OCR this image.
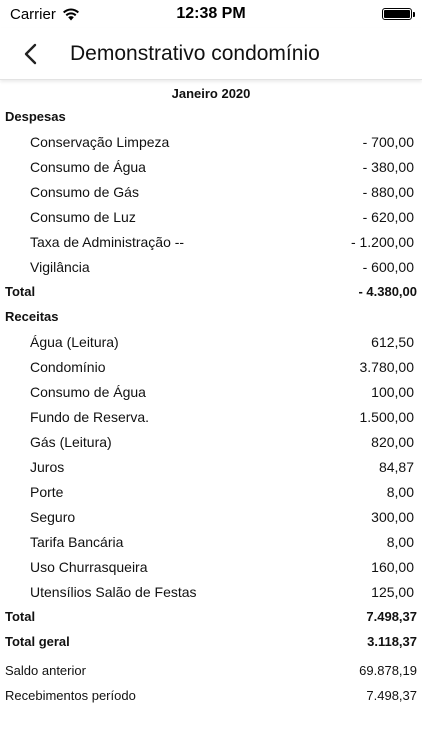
Carrier	12:38 PM
Demonstrativo condomínio
Janeiro 2020
Despesas
Conservação Limpeza	- 700,00
Consumo de Água	- 380,00
Consumo de Gás	- 880,00
Consumo de Luz	- 620,00
Taxa de Administração --	- 1.200,00
Vigilância	- 600,00
Total	- 4.380,00
Receitas
Água (Leitura)	612,50
Condomínio	3.780,00
Consumo de Água	100,00
Fundo de Reserva.	1.500,00
Gás (Leitura)	820,00
Juros	84,87
Porte	8,00
Seguro	300,00
Tarifa Bancária	8,00
Uso Churrasqueira	160,00
Utensílios Salão de Festas	125,00
Total	7.498,37
Total geral	3.118,37
Saldo anterior	69.878,19
Recebimentos período	7.498,37
